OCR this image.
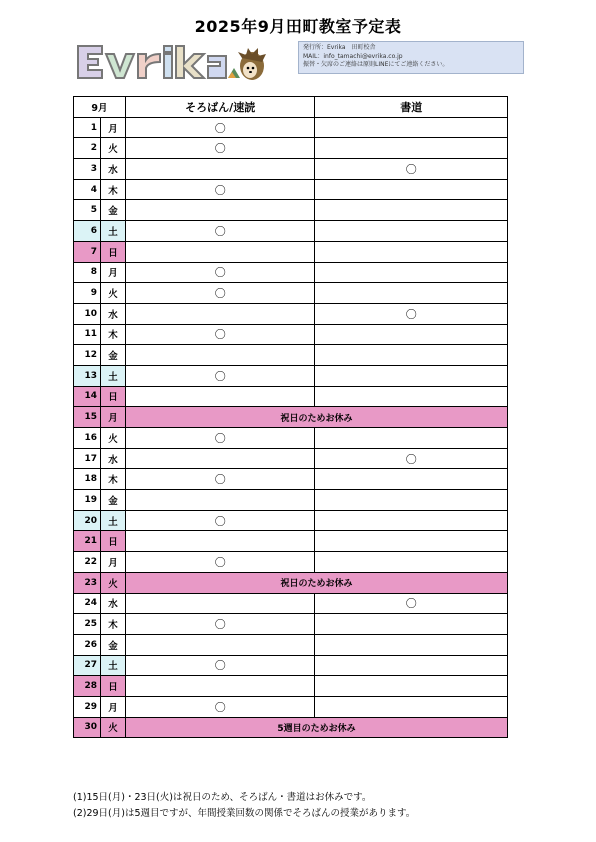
2025年9月田町教室予定表
発行所：Evrika　田町校舎
MAIL：info_tamachi@evrika.co.jp
振替・欠席のご連絡は原則LINEにてご連絡ください。
9月		そろばん/速読	書道
1	月	〇	
2	火	〇	
3	水		〇
4	木	〇	
5	金		
6	土	〇	
7	日		
8	月	〇	
9	火	〇	
10	水		〇
11	木	〇	
12	金		
13	土	〇	
14	日		
15	月	祝日のためお休み	
16	火	〇	
17	水		〇
18	木	〇	
19	金		
20	土	〇	
21	日		
22	月	〇	
23	火	祝日のためお休み	
24	水		〇
25	木	〇	
26	金		
27	土	〇	
28	日		
29	月	〇	
30	火	5週目のためお休み	
(1)15日(月)・23日(火)は祝日のため、そろばん・書道はお休みです。
(2)29日(月)は5週目ですが、年間授業回数の関係でそろばんの授業があります。
